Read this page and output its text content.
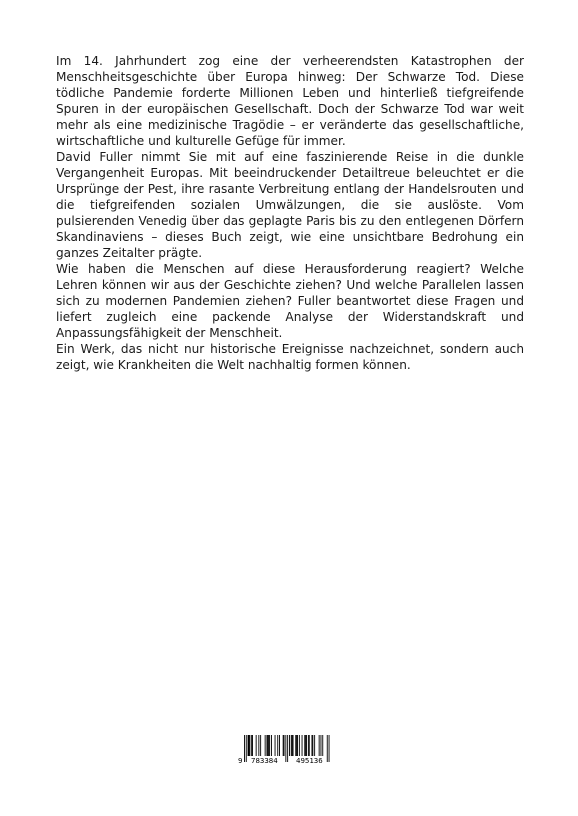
Im 14. Jahrhundert zog eine der verheerendsten Katastrophen der Menschheitsgeschichte über Europa hinweg: Der Schwarze Tod. Diese tödliche Pandemie forderte Millionen Leben und hinterließ tiefgreifende Spuren in der europäischen Gesellschaft. Doch der Schwarze Tod war weit mehr als eine medizinische Tragödie – er veränderte das gesellschaftliche, wirtschaftliche und kulturelle Gefüge für immer.

David Fuller nimmt Sie mit auf eine faszinierende Reise in die dunkle Vergangenheit Europas. Mit beeindruckender Detailtreue beleuchtet er die Ursprünge der Pest, ihre rasante Verbreitung entlang der Handelsrouten und die tiefgreifenden sozialen Umwälzungen, die sie auslöste. Vom pulsierenden Venedig über das geplagte Paris bis zu den entlegenen Dörfern Skandinaviens – dieses Buch zeigt, wie eine unsichtbare Bedrohung ein ganzes Zeitalter prägte.

Wie haben die Menschen auf diese Herausforderung reagiert? Welche Lehren können wir aus der Geschichte ziehen? Und welche Parallelen lassen sich zu modernen Pandemien ziehen? Fuller beantwortet diese Fragen und liefert zugleich eine packende Analyse der Widerstandskraft und Anpassungsfähigkeit der Menschheit.

Ein Werk, das nicht nur historische Ereignisse nachzeichnet, sondern auch zeigt, wie Krankheiten die Welt nachhaltig formen können.

9 783384 495136
